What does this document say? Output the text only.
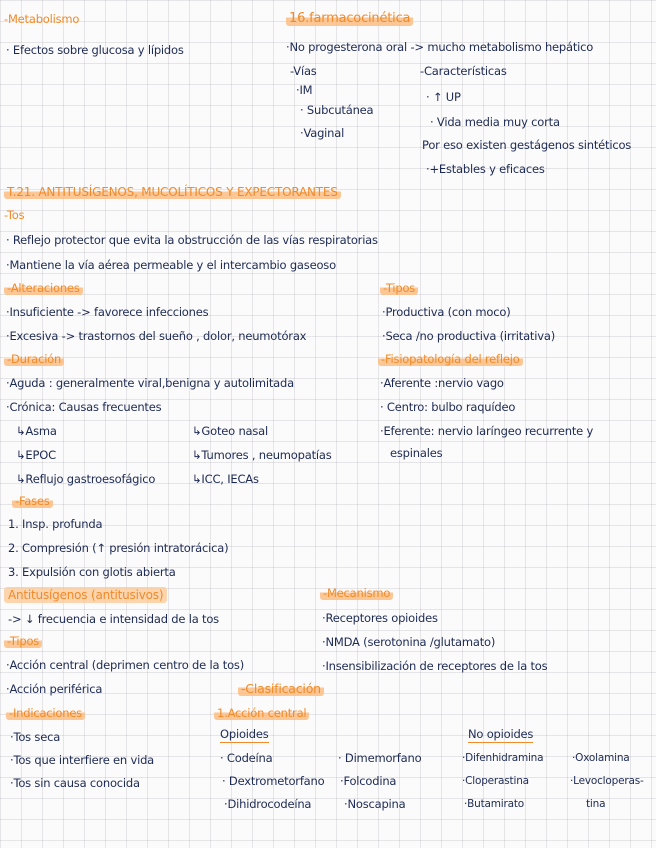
-Metabolismo
· Efectos sobre glucosa y lípidos
16.farmacocinética
·No progesterona oral -> mucho metabolismo hepático
-Vías
·IM
· Subcutánea
·Vaginal
-Características
· ↑ UP
· Vida media muy corta
Por eso existen gestágenos sintéticos
·+Estables y eficaces
T.21. ANTITUSÍGENOS, MUCOLÍTICOS Y EXPECTORANTES
-Tos
· Reflejo protector que evita la obstrucción de las vías respiratorias
·Mantiene la vía aérea permeable y el intercambio gaseoso
-Alteraciones
·Insuficiente -> favorece infecciones
·Excesiva -> trastornos del sueño , dolor, neumotórax
-Tipos
·Productiva (con moco)
·Seca /no productiva (irritativa)
-Duración
·Aguda : generalmente viral,benigna y autolimitada
·Crónica: Causas frecuentes
↳Asma	↳Goteo nasal
↳EPOC	↳Tumores , neumopatías
↳Reflujo gastroesofágico	↳ICC, IECAs
-Fisiopatología del reflejo
·Aferente :nervio vago
· Centro: bulbo raquídeo
·Eferente: nervio laríngeo recurrente y
espinales
-Fases
1. Insp. profunda
2. Compresión (↑ presión intratorácica)
3. Expulsión con glotis abierta
Antitusígenos (antitusivos)
-> ↓ frecuencia e intensidad de la tos
-Mecanismo
·Receptores opioides
·NMDA (serotonina /glutamato)
·Insensibilización de receptores de la tos
-Tipos
·Acción central (deprimen centro de la tos)
·Acción periférica	-Clasificación
1.Acción central
-Indicaciones
·Tos seca
·Tos que interfiere en vida
·Tos sin causa conocida
Opioides
· Codeína
· Dextrometorfano
·Dihidrocodeína
· Dimemorfano
·Folcodina
·Noscapina
No opioides
·Difenhidramina
·Cloperastina
·Butamirato
·Oxolamina
·Levocloperas-
tina
